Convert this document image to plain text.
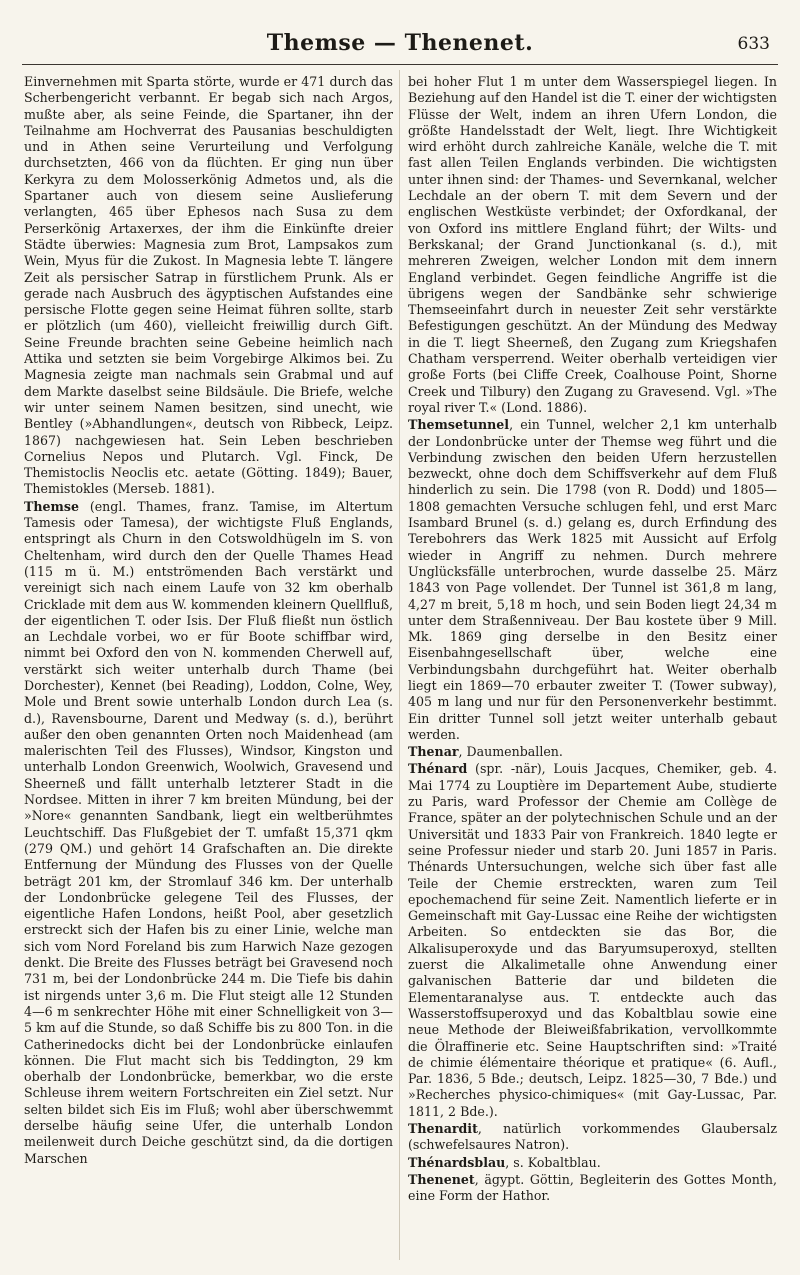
Themse — Thenenet.	633

Einvernehmen mit Sparta störte, wurde er 471 durch das Scherbengericht verbannt. Er begab sich nach Argos, mußte aber, als seine Feinde, die Spartaner, ihn der Teilnahme am Hochverrat des Pausanias beschuldigten und in Athen seine Verurteilung und Verfolgung durchsetzten, 466 von da flüchten. Er ging nun über Kerkyra zu dem Molosserkönig Admetos und, als die Spartaner auch von diesem seine Auslieferung verlangten, 465 über Ephesos nach Susa zu dem Perserkönig Artaxerxes, der ihm die Einkünfte dreier Städte überwies: Magnesia zum Brot, Lampsakos zum Wein, Myus für die Zukost. In Magnesia lebte T. längere Zeit als persischer Satrap in fürstlichem Prunk. Als er gerade nach Ausbruch des ägyptischen Aufstandes eine persische Flotte gegen seine Heimat führen sollte, starb er plötzlich (um 460), vielleicht freiwillig durch Gift. Seine Freunde brachten seine Gebeine heimlich nach Attika und setzten sie beim Vorgebirge Alkimos bei. Zu Magnesia zeigte man nachmals sein Grabmal und auf dem Markte daselbst seine Bildsäule. Die Briefe, welche wir unter seinem Namen besitzen, sind unecht, wie Bentley (»Abhandlungen«, deutsch von Ribbeck, Leipz. 1867) nachgewiesen hat. Sein Leben beschrieben Cornelius Nepos und Plutarch. Vgl. Finck, De Themistoclis Neoclis etc. aetate (Götting. 1849); Bauer, Themistokles (Merseb. 1881).

Themse (engl. Thames, franz. Tamise, im Altertum Tamesis oder Tamesa), der wichtigste Fluß Englands, entspringt als Churn in den Cotswoldhügeln im S. von Cheltenham, wird durch den der Quelle Thames Head (115 m ü. M.) entströmenden Bach verstärkt und vereinigt sich nach einem Laufe von 32 km oberhalb Cricklade mit dem aus W. kommenden kleinern Quellfluß, der eigentlichen T. oder Isis. Der Fluß fließt nun östlich an Lechdale vorbei, wo er für Boote schiffbar wird, nimmt bei Oxford den von N. kommenden Cherwell auf, verstärkt sich weiter unterhalb durch Thame (bei Dorchester), Kennet (bei Reading), Loddon, Colne, Wey, Mole und Brent sowie unterhalb London durch Lea (s. d.), Ravensbourne, Darent und Medway (s. d.), berührt außer den oben genannten Orten noch Maidenhead (am malerischten Teil des Flusses), Windsor, Kingston und unterhalb London Greenwich, Woolwich, Gravesend und Sheerneß und fällt unterhalb letzterer Stadt in die Nordsee. Mitten in ihrer 7 km breiten Mündung, bei der »Nore« genannten Sandbank, liegt ein weltberühmtes Leuchtschiff. Das Flußgebiet der T. umfaßt 15,371 qkm (279 QM.) und gehört 14 Grafschaften an. Die direkte Entfernung der Mündung des Flusses von der Quelle beträgt 201 km, der Stromlauf 346 km. Der unterhalb der Londonbrücke gelegene Teil des Flusses, der eigentliche Hafen Londons, heißt Pool, aber gesetzlich erstreckt sich der Hafen bis zu einer Linie, welche man sich vom Nord Foreland bis zum Harwich Naze gezogen denkt. Die Breite des Flusses beträgt bei Gravesend noch 731 m, bei der Londonbrücke 244 m. Die Tiefe bis dahin ist nirgends unter 3,6 m. Die Flut steigt alle 12 Stunden 4—6 m senkrechter Höhe mit einer Schnelligkeit von 3—5 km auf die Stunde, so daß Schiffe bis zu 800 Ton. in die Catherinedocks dicht bei der Londonbrücke einlaufen können. Die Flut macht sich bis Teddington, 29 km oberhalb der Londonbrücke, bemerkbar, wo die erste Schleuse ihrem weitern Fortschreiten ein Ziel setzt. Nur selten bildet sich Eis im Fluß; wohl aber überschwemmt derselbe häufig seine Ufer, die unterhalb London meilenweit durch Deiche geschützt sind, da die dortigen Marschen

bei hoher Flut 1 m unter dem Wasserspiegel liegen. In Beziehung auf den Handel ist die T. einer der wichtigsten Flüsse der Welt, indem an ihren Ufern London, die größte Handelsstadt der Welt, liegt. Ihre Wichtigkeit wird erhöht durch zahlreiche Kanäle, welche die T. mit fast allen Teilen Englands verbinden. Die wichtigsten unter ihnen sind: der Thames- und Severnkanal, welcher Lechdale an der obern T. mit dem Severn und der englischen Westküste verbindet; der Oxfordkanal, der von Oxford ins mittlere England führt; der Wilts- und Berkskanal; der Grand Junctionkanal (s. d.), mit mehreren Zweigen, welcher London mit dem innern England verbindet. Gegen feindliche Angriffe ist die übrigens wegen der Sandbänke sehr schwierige Themseeinfahrt durch in neuester Zeit sehr verstärkte Befestigungen geschützt. An der Mündung des Medway in die T. liegt Sheerneß, den Zugang zum Kriegshafen Chatham versperrend. Weiter oberhalb verteidigen vier große Forts (bei Cliffe Creek, Coalhouse Point, Shorne Creek und Tilbury) den Zugang zu Gravesend. Vgl. »The royal river T.« (Lond. 1886).

Themsetunnel, ein Tunnel, welcher 2,1 km unterhalb der Londonbrücke unter der Themse weg führt und die Verbindung zwischen den beiden Ufern herzustellen bezweckt, ohne doch dem Schiffsverkehr auf dem Fluß hinderlich zu sein. Die 1798 (von R. Dodd) und 1805—1808 gemachten Versuche schlugen fehl, und erst Marc Isambard Brunel (s. d.) gelang es, durch Erfindung des Terebohrers das Werk 1825 mit Aussicht auf Erfolg wieder in Angriff zu nehmen. Durch mehrere Unglücksfälle unterbrochen, wurde dasselbe 25. März 1843 von Page vollendet. Der Tunnel ist 361,8 m lang, 4,27 m breit, 5,18 m hoch, und sein Boden liegt 24,34 m unter dem Straßenniveau. Der Bau kostete über 9 Mill. Mk. 1869 ging derselbe in den Besitz einer Eisenbahngesellschaft über, welche eine Verbindungsbahn durchgeführt hat. Weiter oberhalb liegt ein 1869—70 erbauter zweiter T. (Tower subway), 405 m lang und nur für den Personenverkehr bestimmt. Ein dritter Tunnel soll jetzt weiter unterhalb gebaut werden.

Thenar, Daumenballen.

Thénard (spr. -när), Louis Jacques, Chemiker, geb. 4. Mai 1774 zu Louptière im Departement Aube, studierte zu Paris, ward Professor der Chemie am Collège de France, später an der polytechnischen Schule und an der Universität und 1833 Pair von Frankreich. 1840 legte er seine Professur nieder und starb 20. Juni 1857 in Paris. Thénards Untersuchungen, welche sich über fast alle Teile der Chemie erstreckten, waren zum Teil epochemachend für seine Zeit. Namentlich lieferte er in Gemeinschaft mit Gay-Lussac eine Reihe der wichtigsten Arbeiten. So entdeckten sie das Bor, die Alkalisuperoxyde und das Baryumsuperoxyd, stellten zuerst die Alkalimetalle ohne Anwendung einer galvanischen Batterie dar und bildeten die Elementaranalyse aus. T. entdeckte auch das Wasserstoffsuperoxyd und das Kobaltblau sowie eine neue Methode der Bleiweißfabrikation, vervollkommte die Ölraffinerie etc. Seine Hauptschriften sind: »Traité de chimie élémentaire théorique et pratique« (6. Aufl., Par. 1836, 5 Bde.; deutsch, Leipz. 1825—30, 7 Bde.) und »Recherches physico-chimiques« (mit Gay-Lussac, Par. 1811, 2 Bde.).

Thenardit, natürlich vorkommendes Glaubersalz (schwefelsaures Natron).

Thénardsblau, s. Kobaltblau.

Thenenet, ägypt. Göttin, Begleiterin des Gottes Month, eine Form der Hathor.
